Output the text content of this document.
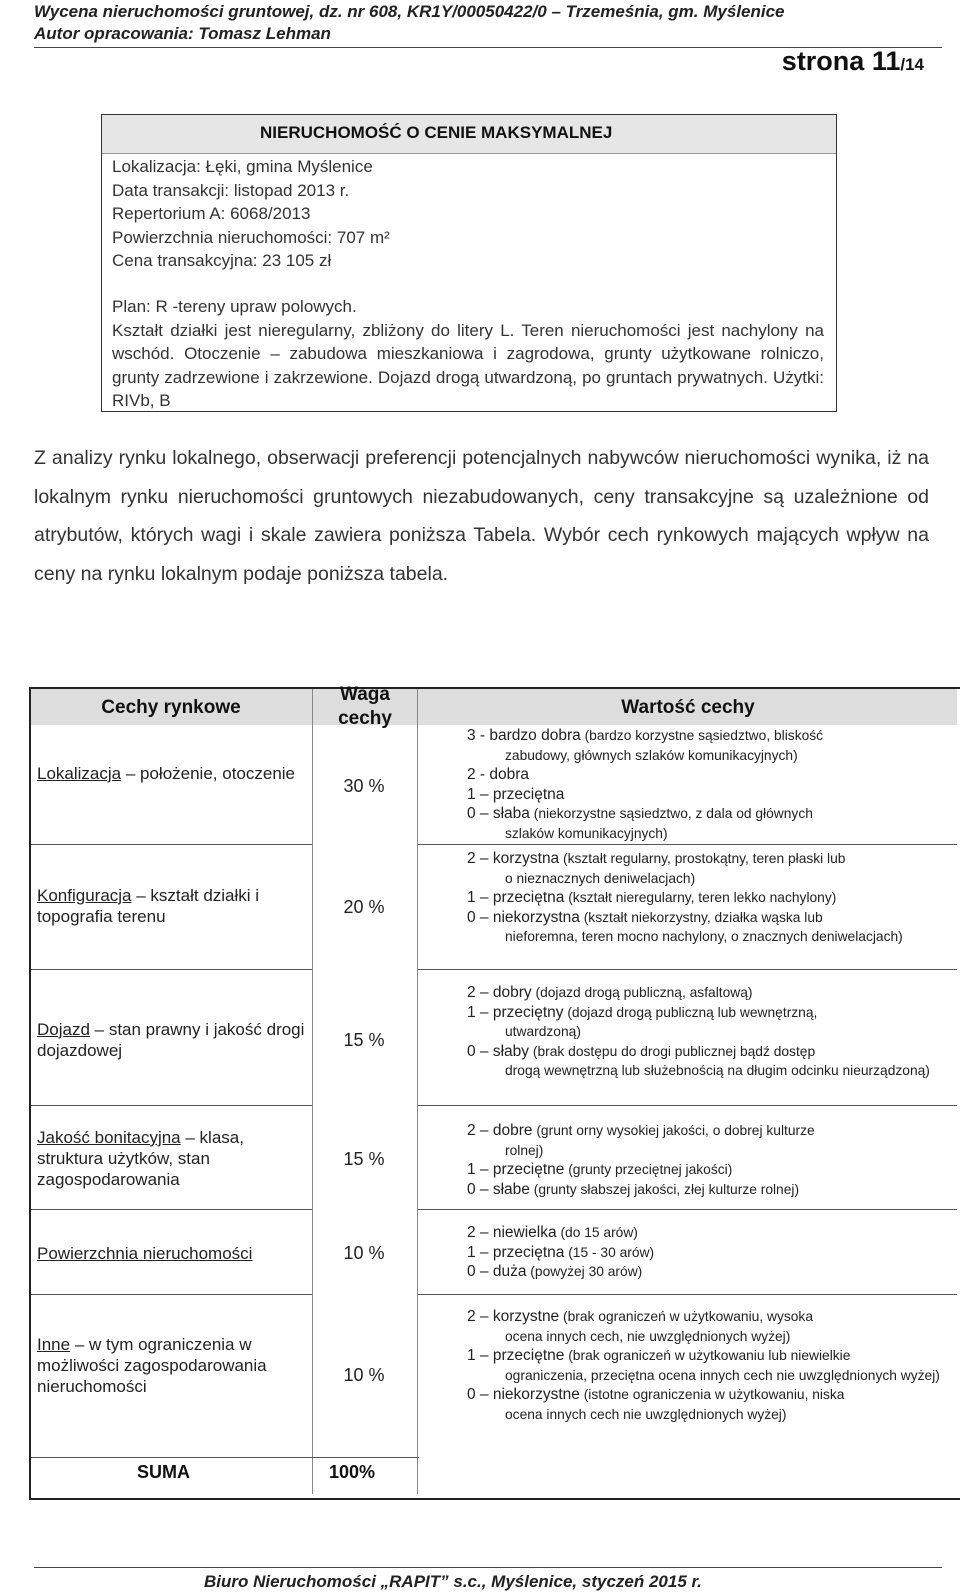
Wycena nieruchomości gruntowej, dz. nr 608, KR1Y/00050422/0 – Trzemeśnia, gm. Myślenice
Autor opracowania: Tomasz Lehman
strona 11/14
NIERUCHOMOŚĆ O CENIE MAKSYMALNEJ
Lokalizacja: Łęki, gmina Myślenice
Data transakcji: listopad 2013 r.
Repertorium A: 6068/2013
Powierzchnia nieruchomości: 707 m²
Cena transakcyjna: 23 105 zł
Plan: R -tereny upraw polowych.
Kształt działki jest nieregularny, zbliżony do litery L. Teren nieruchomości jest nachylony na wschód. Otoczenie – zabudowa mieszkaniowa i zagrodowa, grunty użytkowane rolniczo, grunty zadrzewione i zakrzewione. Dojazd drogą utwardzoną, po gruntach prywatnych. Użytki: RIVb, B
Z analizy rynku lokalnego, obserwacji preferencji potencjalnych nabywców nieruchomości wynika, iż na lokalnym rynku nieruchomości gruntowych niezabudowanych, ceny transakcyjne są uzależnione od atrybutów, których wagi i skale zawiera poniższa Tabela. Wybór cech rynkowych mających wpływ na ceny na rynku lokalnym podaje poniższa tabela.
Cechy rynkowe
Waga
cechy
Wartość cechy
Lokalizacja – położenie, otoczenie
30 %
3 - bardzo dobra (bardzo korzystne sąsiedztwo, bliskość
zabudowy, głównych szlaków komunikacyjnych)
2 - dobra
1 – przeciętna
0 – słaba (niekorzystne sąsiedztwo, z dala od głównych
szlaków komunikacyjnych)
Konfiguracja – kształt działki i topografia terenu	20 %
2 – korzystna (kształt regularny, prostokątny, teren płaski lub
o nieznacznych deniwelacjach)
1 – przeciętna (kształt nieregularny, teren lekko nachylony)
0 – niekorzystna (kształt niekorzystny, działka wąska lub
nieforemna, teren mocno nachylony, o znacznych deniwelacjach)
Dojazd – stan prawny i jakość drogi dojazdowej
15 %
2 – dobry (dojazd drogą publiczną, asfaltową)
1 – przeciętny (dojazd drogą publiczną lub wewnętrzną,
utwardzoną)
0 – słaby (brak dostępu do drogi publicznej bądź dostęp
drogą wewnętrzną lub służebnością na długim odcinku nieurządzoną)
Jakość bonitacyjna – klasa, struktura użytków, stan zagospodarowania
15 %
2 – dobre (grunt orny wysokiej jakości, o dobrej kulturze
rolnej)
1 – przeciętne (grunty przeciętnej jakości)
0 – słabe (grunty słabszej jakości, złej kulturze rolnej)
Powierzchnia nieruchomości	10 %
2 – niewielka (do 15 arów)
1 – przeciętna (15 - 30 arów)
0 – duża (powyżej 30 arów)
Inne – w tym ograniczenia w możliwości zagospodarowania nieruchomości
10 %
2 – korzystne (brak ograniczeń w użytkowaniu, wysoka
ocena innych cech, nie uwzględnionych wyżej)
1 – przeciętne (brak ograniczeń w użytkowaniu lub niewielkie
ograniczenia, przeciętna ocena innych cech nie uwzględnionych wyżej)
0 – niekorzystne (istotne ograniczenia w użytkowaniu, niska
ocena innych cech nie uwzględnionych wyżej)
SUMA	100%
Biuro Nieruchomości „RAPIT” s.c., Myślenice, styczeń 2015 r.
